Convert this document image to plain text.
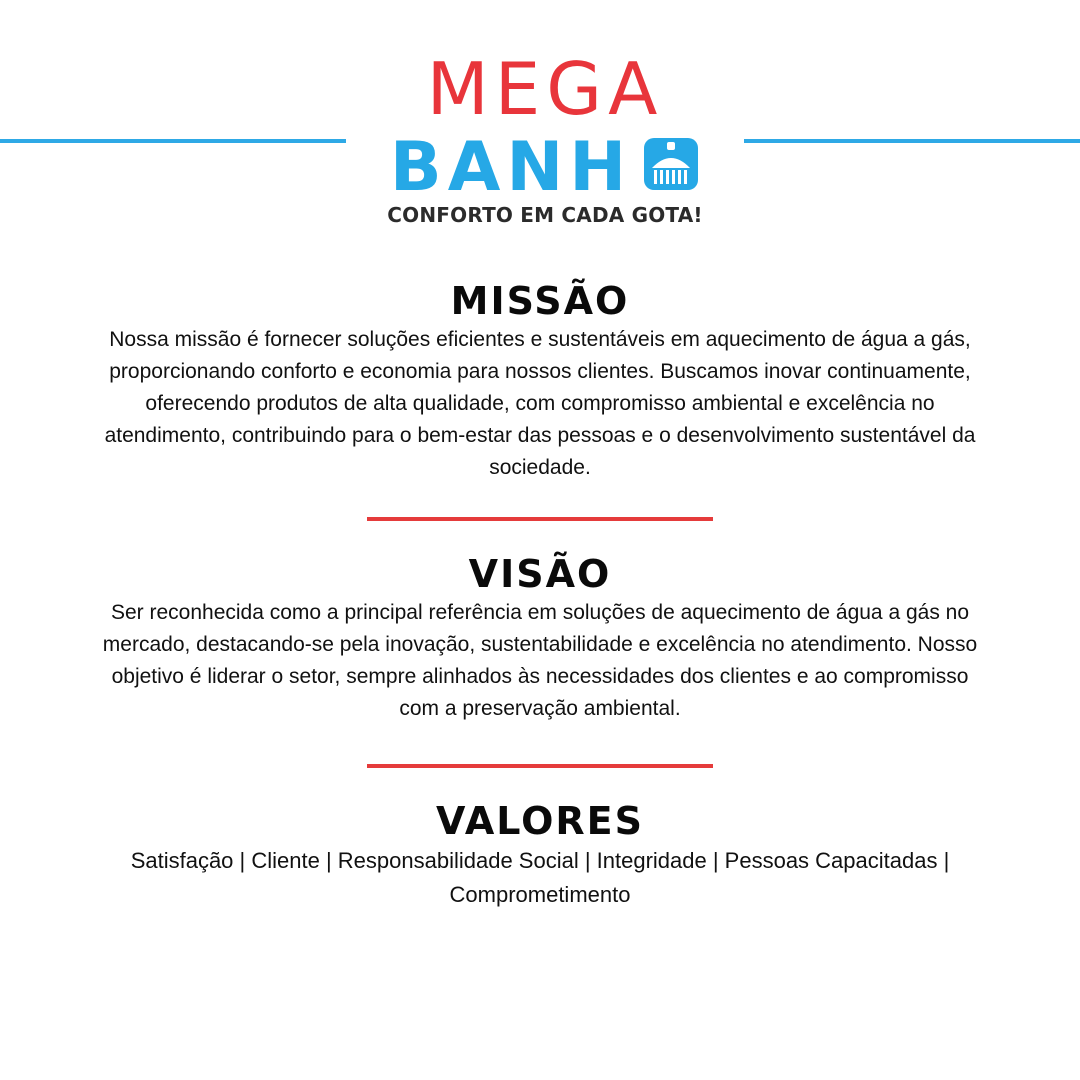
MEGA
BANH
CONFORTO EM CADA GOTA!
MISSÃO

Nossa missão é fornecer soluções eficientes e sustentáveis em aquecimento de água a gás, proporcionando conforto e economia para nossos clientes. Buscamos inovar continuamente, oferecendo produtos de alta qualidade, com compromisso ambiental e excelência no atendimento, contribuindo para o bem-estar das pessoas e o desenvolvimento sustentável da sociedade.

VISÃO

Ser reconhecida como a principal referência em soluções de aquecimento de água a gás no mercado, destacando-se pela inovação, sustentabilidade e excelência no atendimento. Nosso objetivo é liderar o setor, sempre alinhados às necessidades dos clientes e ao compromisso com a preservação ambiental.

VALORES

Satisfação | Cliente | Responsabilidade Social | Integridade | Pessoas Capacitadas | Comprometimento
